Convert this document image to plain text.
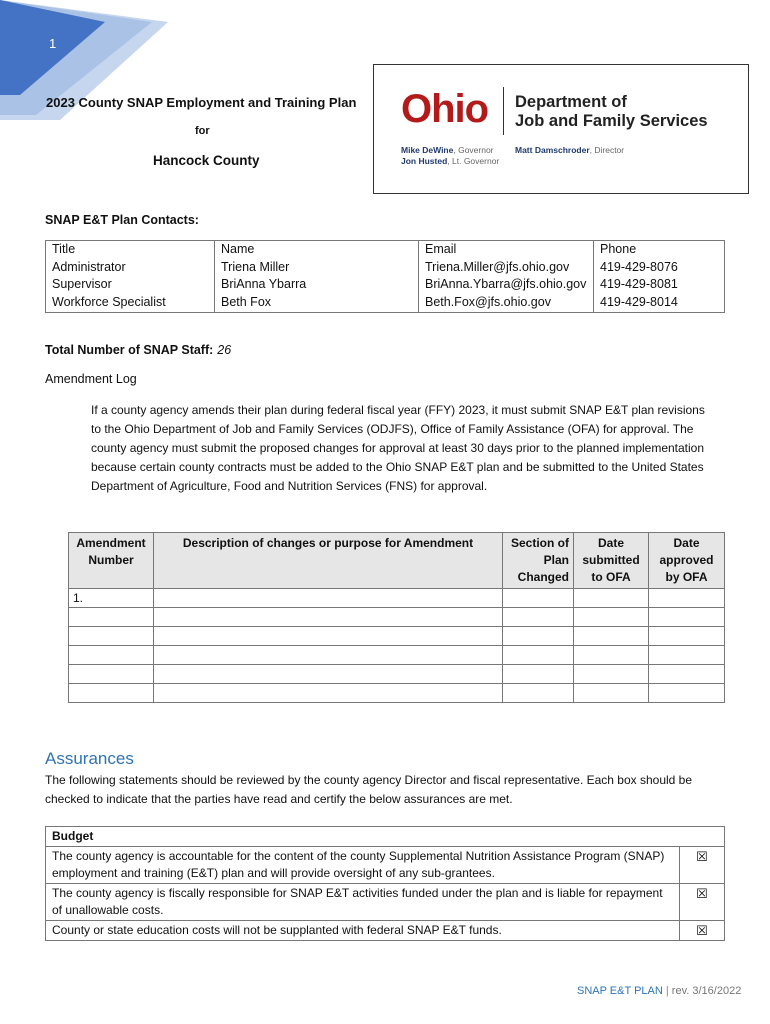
1
2023 County SNAP Employment and Training Plan
for
Hancock County
Ohio Department of
Job and Family Services
Mike DeWine, Governor
Jon Husted, Lt. Governor
Matt Damschroder, Director
SNAP E&T Plan Contacts:
Title	Name	Email	Phone
Administrator	Triena Miller	Triena.Miller@jfs.ohio.gov	419-429-8076
Supervisor	BriAnna Ybarra	BriAnna.Ybarra@jfs.ohio.gov	419-429-8081
Workforce Specialist	Beth Fox	Beth.Fox@jfs.ohio.gov	419-429-8014
Total Number of SNAP Staff: 26
Amendment Log
If a county agency amends their plan during federal fiscal year (FFY) 2023, it must submit SNAP E&T plan revisions to the Ohio Department of Job and Family Services (ODJFS), Office of Family Assistance (OFA) for approval. The county agency must submit the proposed changes for approval at least 30 days prior to the planned implementation because certain county contracts must be added to the Ohio SNAP E&T plan and be submitted to the United States Department of Agriculture, Food and Nutrition Services (FNS) for approval.
Amendment Number	Description of changes or purpose for Amendment	Section of Plan Changed	Date submitted to OFA	Date approved by OFA
1.				

Assurances
The following statements should be reviewed by the county agency Director and fiscal representative. Each box should be checked to indicate that the parties have read and certify the below assurances are met.
Budget	
The county agency is accountable for the content of the county Supplemental Nutrition Assistance Program (SNAP) employment and training (E&T) plan and will provide oversight of any sub-grantees.	☒
The county agency is fiscally responsible for SNAP E&T activities funded under the plan and is liable for repayment of unallowable costs.	☒
County or state education costs will not be supplanted with federal SNAP E&T funds.	☒
SNAP E&T PLAN | rev. 3/16/2022
